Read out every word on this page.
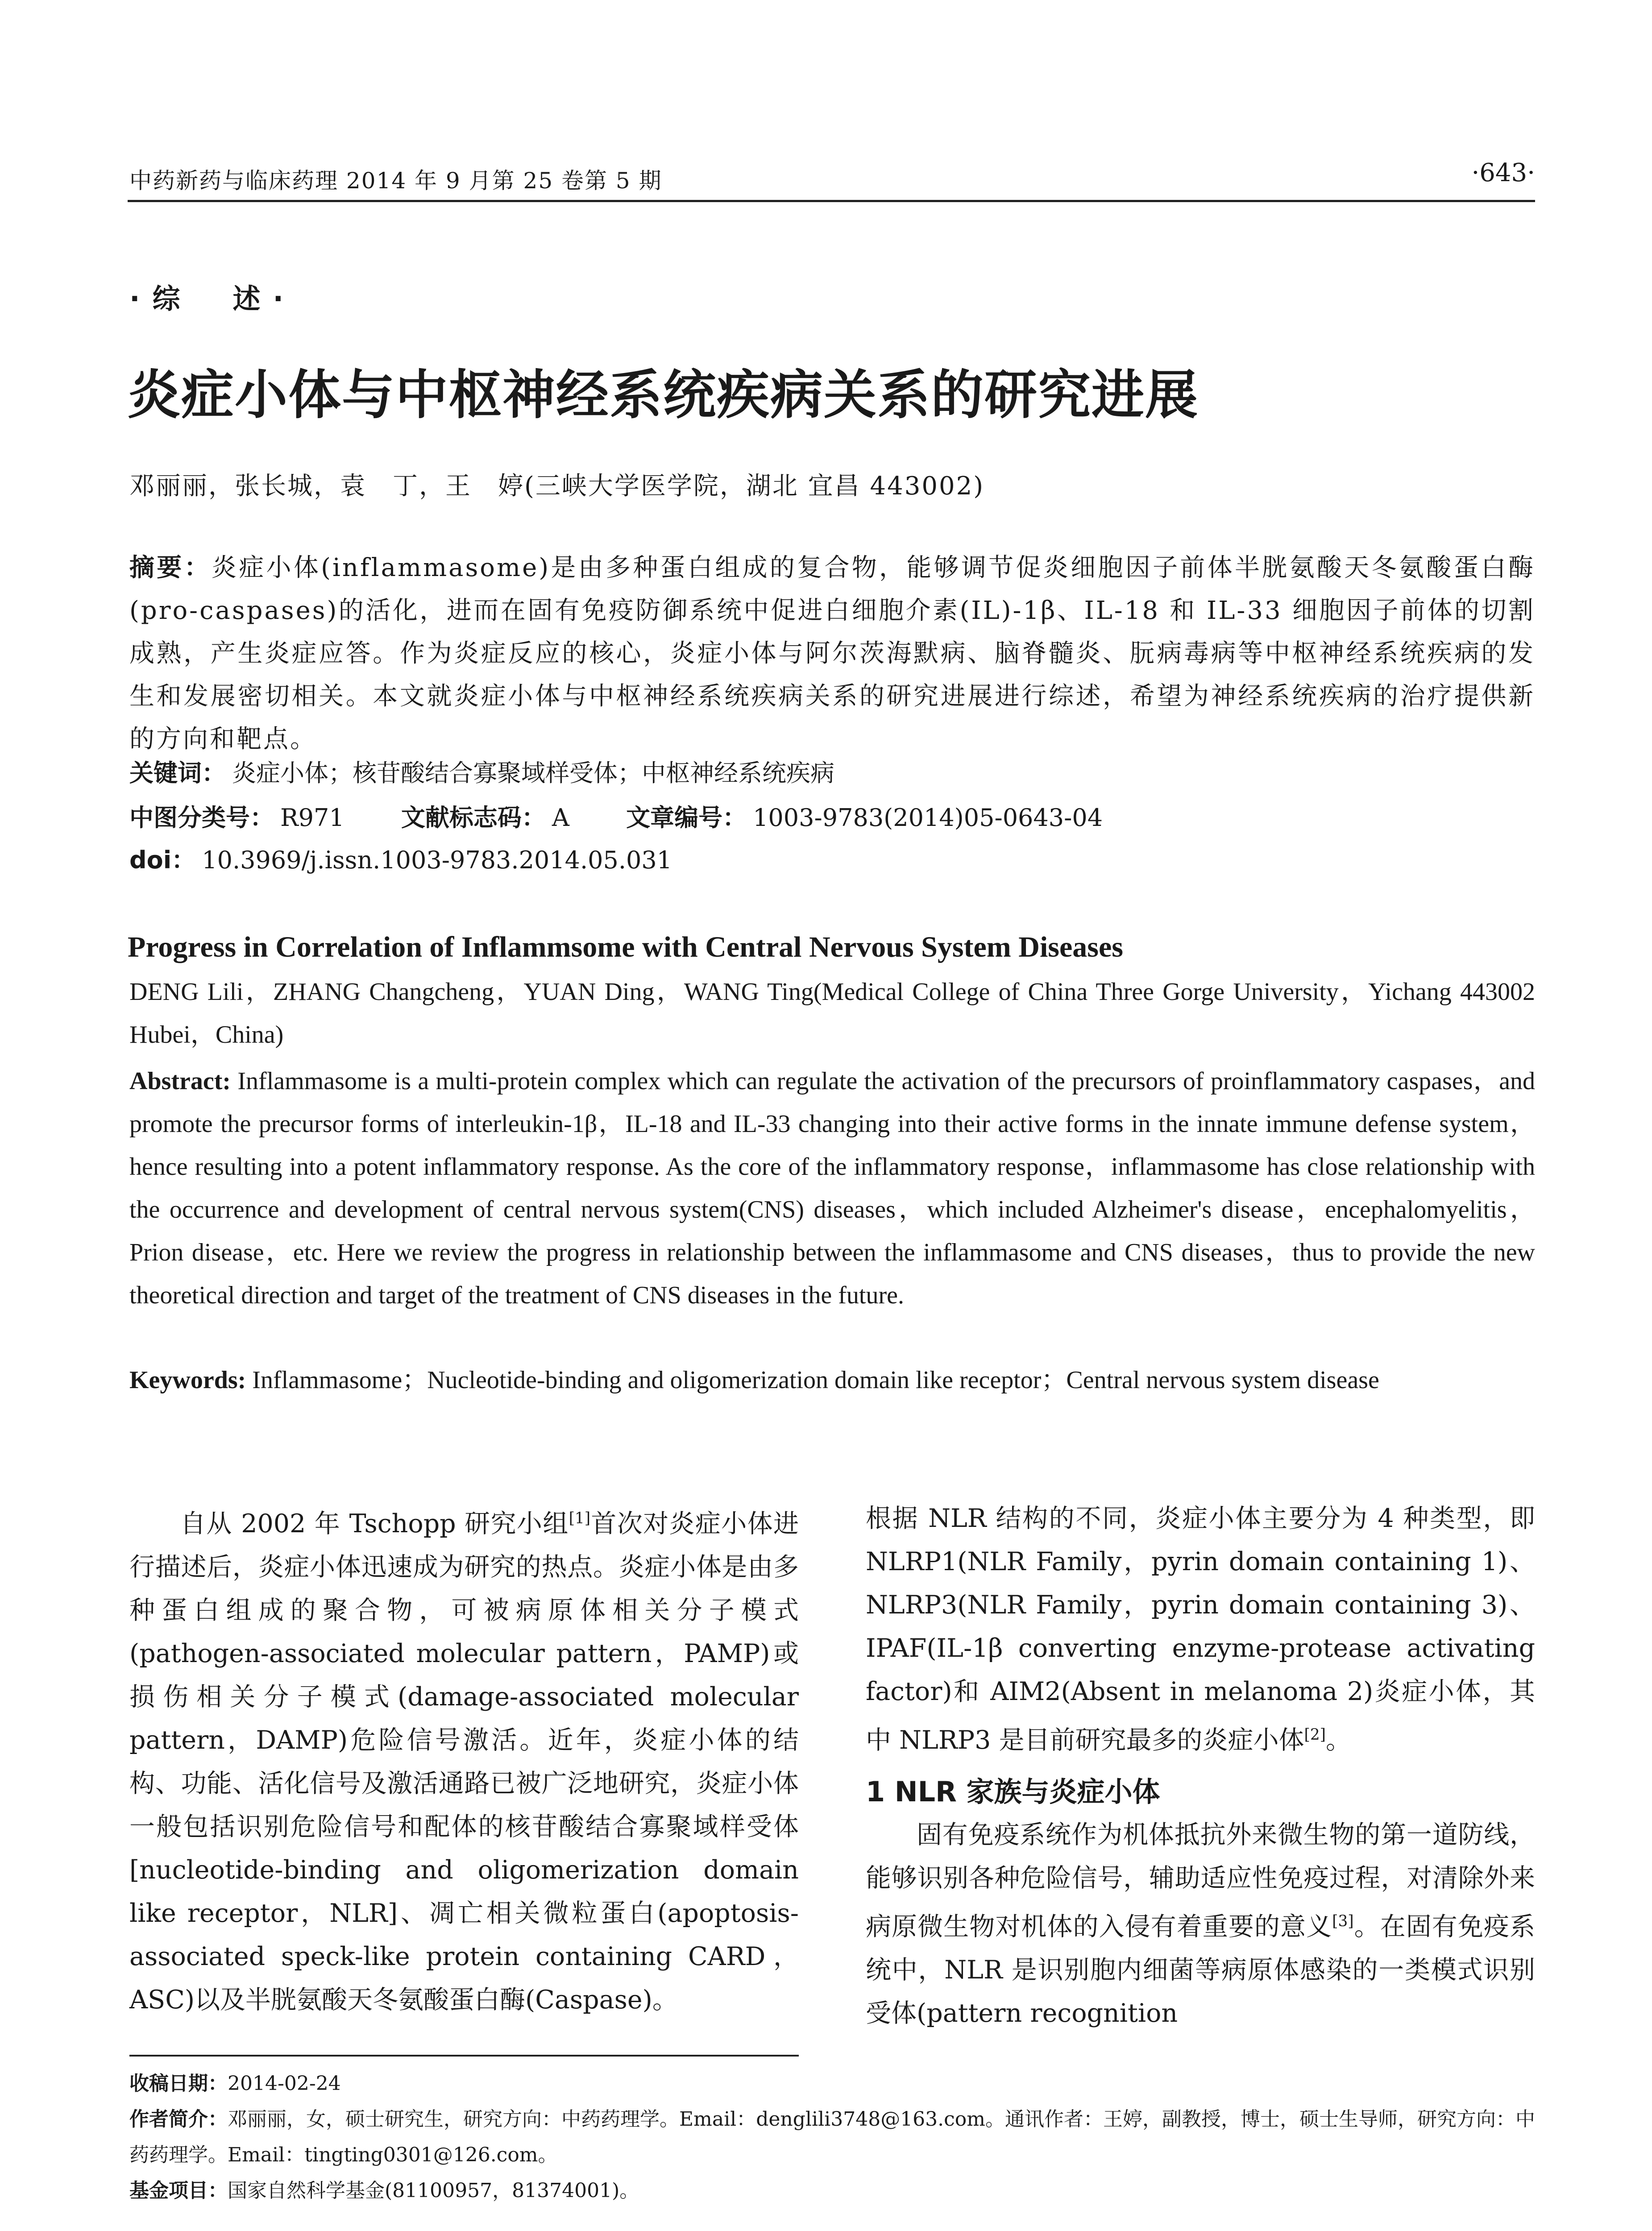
中药新药与临床药理 2014 年 9 月第 25 卷第 5 期	·643·
·综　述·
炎症小体与中枢神经系统疾病关系的研究进展
邓丽丽，张长城，袁　丁，王　婷(三峡大学医学院，湖北 宜昌 443002)
摘要：炎症小体(inflammasome)是由多种蛋白组成的复合物，能够调节促炎细胞因子前体半胱氨酸天冬氨酸蛋白酶(pro-caspases)的活化，进而在固有免疫防御系统中促进白细胞介素(IL)-1β、IL-18 和 IL-33 细胞因子前体的切割成熟，产生炎症应答。作为炎症反应的核心，炎症小体与阿尔茨海默病、脑脊髓炎、朊病毒病等中枢神经系统疾病的发生和发展密切相关。本文就炎症小体与中枢神经系统疾病关系的研究进展进行综述，希望为神经系统疾病的治疗提供新的方向和靶点。
关键词： 炎症小体；核苷酸结合寡聚域样受体；中枢神经系统疾病
中图分类号： R971 文献标志码： A 文章编号： 1003-9783(2014)05-0643-04
doi： 10.3969/j.issn.1003-9783.2014.05.031
Progress in Correlation of Inflammsome with Central Nervous System Diseases
DENG Lili，ZHANG Changcheng，YUAN Ding，WANG Ting(Medical College of China Three Gorge University，Yichang 443002 Hubei，China)
Abstract: Inflammasome is a multi-protein complex which can regulate the activation of the precursors of proinflammatory caspases，and promote the precursor forms of interleukin-1β，IL-18 and IL-33 changing into their active forms in the innate immune defense system，hence resulting into a potent inflammatory response. As the core of the inflammatory response，inflammasome has close relationship with the occurrence and development of central nervous system(CNS) diseases，which included Alzheimer's disease，encephalomyelitis，Prion disease，etc. Here we review the progress in relationship between the inflammasome and CNS diseases，thus to provide the new theoretical direction and target of the treatment of CNS diseases in the future.
Keywords: Inflammasome；Nucleotide-binding and oligomerization domain like receptor；Central nervous system disease

自从 2002 年 Tschopp 研究小组[1]首次对炎症小体进行描述后，炎症小体迅速成为研究的热点。炎症小体是由多种蛋白组成的聚合物，可被病原体相关分子模式(pathogen-associated molecular pattern，PAMP)或损伤相关分子模式(damage-associated molecular pattern，DAMP)危险信号激活。近年，炎症小体的结构、功能、活化信号及激活通路已被广泛地研究，炎症小体一般包括识别危险信号和配体的核苷酸结合寡聚域样受体[nucleotide-binding and oligomerization domain like receptor，NLR]、凋亡相关微粒蛋白(apoptosis-associated speck-like protein containing CARD，ASC)以及半胱氨酸天冬氨酸蛋白酶(Caspase)。

根据 NLR 结构的不同，炎症小体主要分为 4 种类型，即 NLRP1(NLR Family，pyrin domain containing 1)、NLRP3(NLR Family，pyrin domain containing 3)、IPAF(IL-1β converting enzyme-protease activating factor)和 AIM2(Absent in melanoma 2)炎症小体，其中 NLRP3 是目前研究最多的炎症小体[2]。

1 NLR 家族与炎症小体

固有免疫系统作为机体抵抗外来微生物的第一道防线，能够识别各种危险信号，辅助适应性免疫过程，对清除外来病原微生物对机体的入侵有着重要的意义[3]。在固有免疫系统中，NLR 是识别胞内细菌等病原体感染的一类模式识别受体(pattern recognition

收稿日期：2014-02-24
作者简介：邓丽丽，女，硕士研究生，研究方向：中药药理学。Email：denglili3748@163.com。通讯作者：王婷，副教授，博士，硕士生导师，研究方向：中药药理学。Email：tingting0301@126.com。
基金项目：国家自然科学基金(81100957，81374001)。
